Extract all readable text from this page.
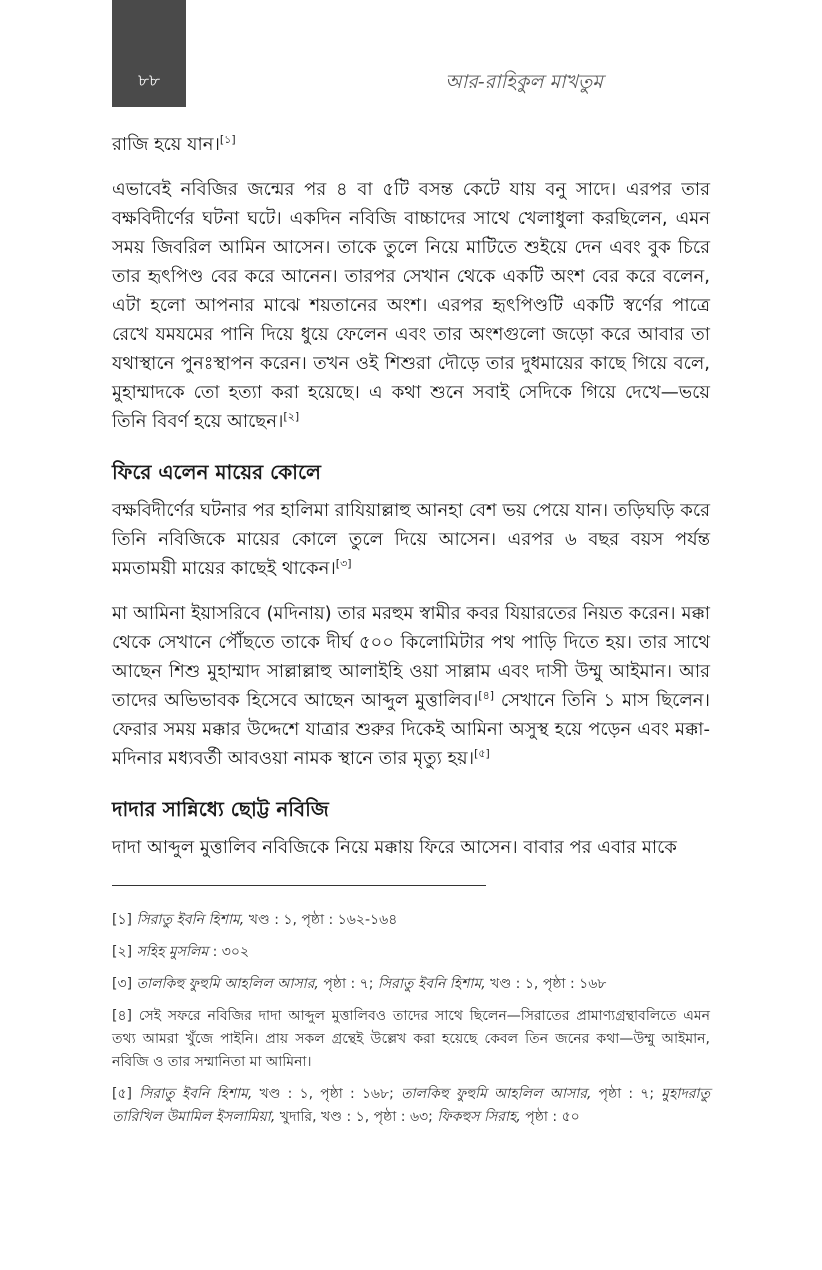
৮৮	আর-রাহিকুল মাখতুম

রাজি হয়ে যান।[১]

এভাবেই নবিজির জন্মের পর ৪ বা ৫টি বসন্ত কেটে যায় বনু সাদে। এরপর তার বক্ষবিদীর্ণের ঘটনা ঘটে। একদিন নবিজি বাচ্চাদের সাথে খেলাধুলা করছিলেন, এমন সময় জিবরিল আমিন আসেন। তাকে তুলে নিয়ে মাটিতে শুইয়ে দেন এবং বুক চিরে তার হৃৎপিণ্ড বের করে আনেন। তারপর সেখান থেকে একটি অংশ বের করে বলেন, এটা হলো আপনার মাঝে শয়তানের অংশ। এরপর হৃৎপিণ্ডটি একটি স্বর্ণের পাত্রে রেখে যমযমের পানি দিয়ে ধুয়ে ফেলেন এবং তার অংশগুলো জড়ো করে আবার তা যথাস্থানে পুনঃস্থাপন করেন। তখন ওই শিশুরা দৌড়ে তার দুধমায়ের কাছে গিয়ে বলে, মুহাম্মাদকে তো হত্যা করা হয়েছে। এ কথা শুনে সবাই সেদিকে গিয়ে দেখে—ভয়ে তিনি বিবর্ণ হয়ে আছেন।[২]

ফিরে এলেন মায়ের কোলে

বক্ষবিদীর্ণের ঘটনার পর হালিমা রাযিয়াল্লাহু আনহা বেশ ভয় পেয়ে যান। তড়িঘড়ি করে তিনি নবিজিকে মায়ের কোলে তুলে দিয়ে আসেন। এরপর ৬ বছর বয়স পর্যন্ত মমতাময়ী মায়ের কাছেই থাকেন।[৩]

মা আমিনা ইয়াসরিবে (মদিনায়) তার মরহুম স্বামীর কবর যিয়ারতের নিয়ত করেন। মক্কা থেকে সেখানে পৌঁছতে তাকে দীর্ঘ ৫০০ কিলোমিটার পথ পাড়ি দিতে হয়। তার সাথে আছেন শিশু মুহাম্মাদ সাল্লাল্লাহু আলাইহি ওয়া সাল্লাম এবং দাসী উম্মু আইমান। আর তাদের অভিভাবক হিসেবে আছেন আব্দুল মুত্তালিব।[৪] সেখানে তিনি ১ মাস ছিলেন। ফেরার সময় মক্কার উদ্দেশে যাত্রার শুরুর দিকেই আমিনা অসুস্থ হয়ে পড়েন এবং মক্কা-মদিনার মধ্যবর্তী আবওয়া নামক স্থানে তার মৃত্যু হয়।[৫]

দাদার সান্নিধ্যে ছোট্ট নবিজি

দাদা আব্দুল মুত্তালিব নবিজিকে নিয়ে মক্কায় ফিরে আসেন। বাবার পর এবার মাকে

[১] সিরাতু ইবনি হিশাম, খণ্ড : ১, পৃষ্ঠা : ১৬২-১৬৪

[২] সহিহ মুসলিম : ৩০২

[৩] তালকিহু ফুহুমি আহলিল আসার, পৃষ্ঠা : ৭; সিরাতু ইবনি হিশাম, খণ্ড : ১, পৃষ্ঠা : ১৬৮

[৪] সেই সফরে নবিজির দাদা আব্দুল মুত্তালিবও তাদের সাথে ছিলেন—সিরাতের প্রামাণ্যগ্রন্থাবলিতে এমন তথ্য আমরা খুঁজে পাইনি। প্রায় সকল গ্রন্থেই উল্লেখ করা হয়েছে কেবল তিন জনের কথা—উম্মু আইমান, নবিজি ও তার সম্মানিতা মা আমিনা।

[৫] সিরাতু ইবনি হিশাম, খণ্ড : ১, পৃষ্ঠা : ১৬৮; তালকিহু ফুহুমি আহলিল আসার, পৃষ্ঠা : ৭; মুহাদরাতু তারিখিল উমামিল ইসলামিয়া, খুদারি, খণ্ড : ১, পৃষ্ঠা : ৬৩; ফিকহুস সিরাহ, পৃষ্ঠা : ৫০
